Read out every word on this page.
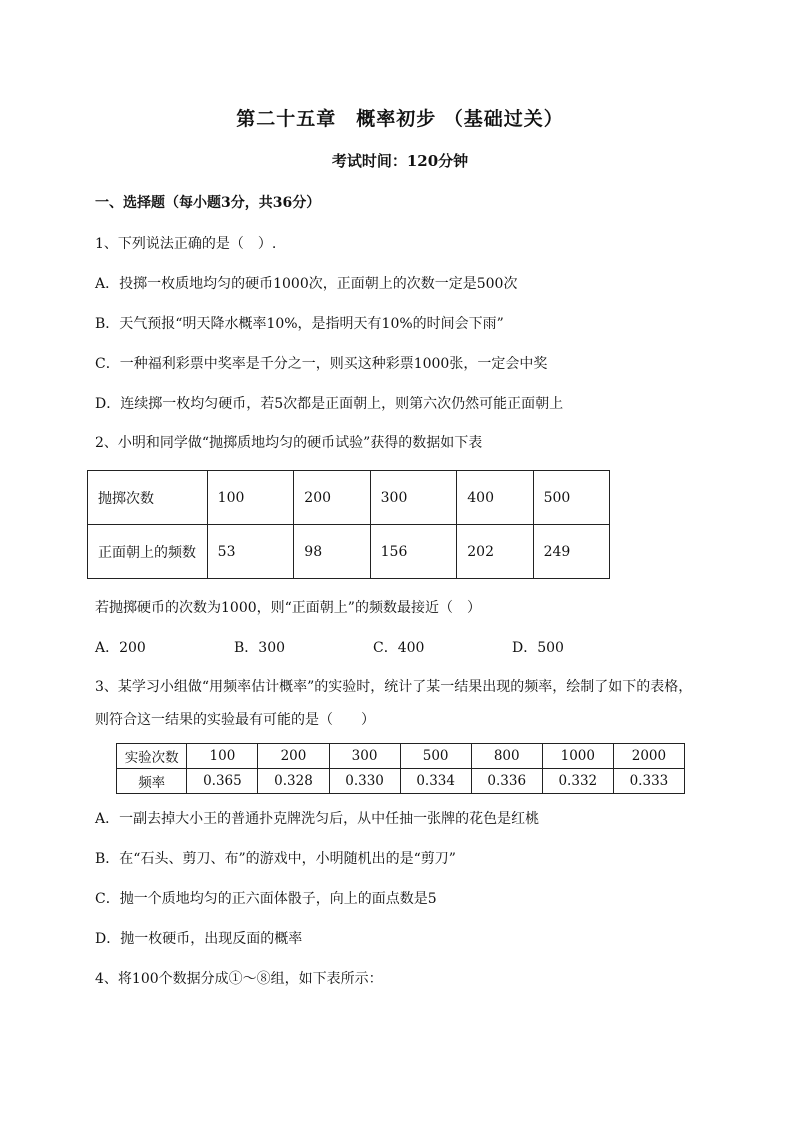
第二十五章　概率初步 （基础过关）
考试时间：120分钟
一、选择题（每小题3分，共36分）
1、下列说法正确的是（　）.
A．投掷一枚质地均匀的硬币1000次，正面朝上的次数一定是500次
B．天气预报“明天降水概率10%，是指明天有10%的时间会下雨”
C．一种福利彩票中奖率是千分之一，则买这种彩票1000张，一定会中奖
D．连续掷一枚均匀硬币，若5次都是正面朝上，则第六次仍然可能正面朝上
2、小明和同学做“抛掷质地均匀的硬币试验”获得的数据如下表
抛掷次数	100	200	300	400	500
正面朝上的频数	53	98	156	202	249
若抛掷硬币的次数为1000，则“正面朝上”的频数最接近（　）
A．200	B．300	C．400	D．500
3、某学习小组做“用频率估计概率”的实验时，统计了某一结果出现的频率，绘制了如下的表格，
则符合这一结果的实验最有可能的是（　　）
实验次数	100	200	300	500	800	1000	2000
频率	0.365	0.328	0.330	0.334	0.336	0.332	0.333
A．一副去掉大小王的普通扑克牌洗匀后，从中任抽一张牌的花色是红桃
B．在“石头、剪刀、布”的游戏中，小明随机出的是“剪刀”
C．抛一个质地均匀的正六面体骰子，向上的面点数是5
D．抛一枚硬币，出现反面的概率
4、将100个数据分成①～⑧组，如下表所示：
